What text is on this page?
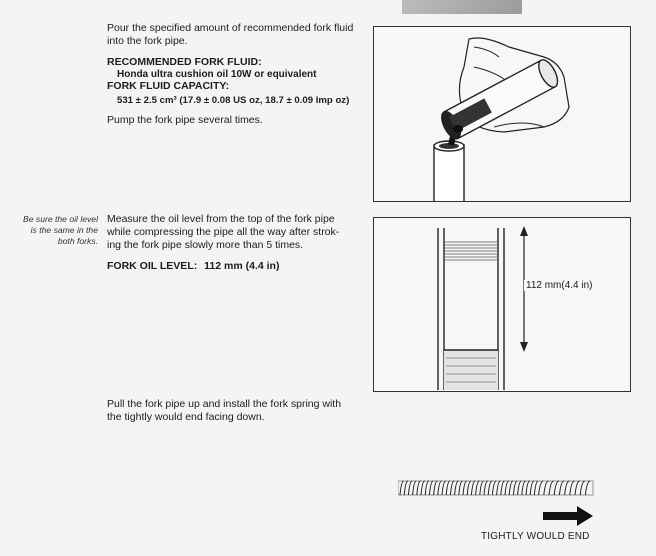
Pour the specified amount of recommended fork fluid into the fork pipe.

RECOMMENDED FORK FLUID:

Honda ultra cushion oil 10W or equivalent

FORK FLUID CAPACITY:

531 ± 2.5 cm³ (17.9 ± 0.08 US oz, 18.7 ± 0.09 Imp oz)

Pump the fork pipe several times.

Be sure the oil level
is the same in the
both forks.
Measure the oil level from the top of the fork pipe
while compressing the pipe all the way after strok-
ing the fork pipe slowly more than 5 times.

FORK OIL LEVEL: 112 mm (4.4 in)

112 mm(4.4 in)
Pull the fork pipe up and install the fork spring with
the tightly would end facing down.

TIGHTLY WOULD END
